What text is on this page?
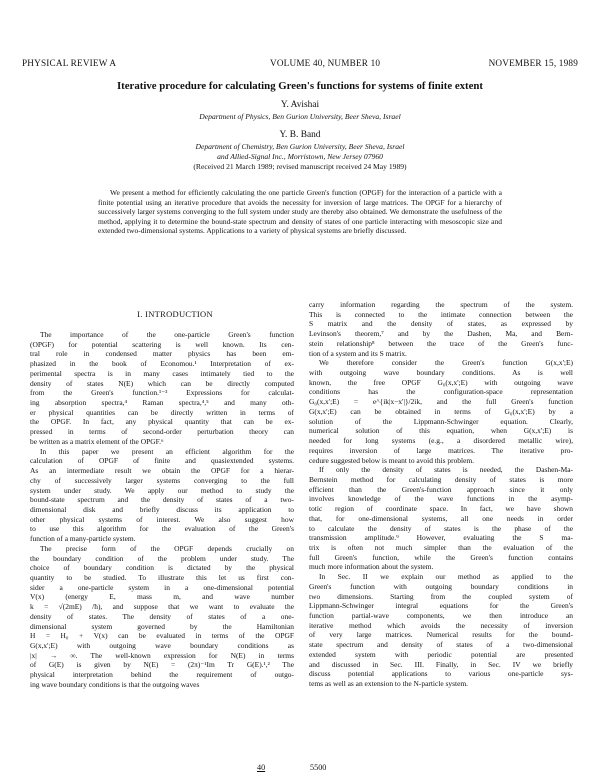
PHYSICAL REVIEW A	VOLUME 40, NUMBER 10	NOVEMBER 15, 1989
Iterative procedure for calculating Green's functions for systems of finite extent
Y. Avishai
Department of Physics, Ben Gurion University, Beer Sheva, Israel
Y. B. Band
Department of Chemistry, Ben Gurion University, Beer Sheva, Israel
and Allied-Signal Inc., Morristown, New Jersey 07960
(Received 21 March 1989; revised manuscript received 24 May 1989)
We present a method for efficiently calculating the one particle Green's function (OPGF) for the interaction of a particle with a finite potential using an iterative procedure that avoids the necessity for inversion of large matrices. The OPGF for a hierarchy of successively larger systems converging to the full system under study are thereby also obtained. We demonstrate the usefulness of the method, applying it to determine the bound-state spectrum and density of states of one particle interacting with mesoscopic size and extended two-dimensional systems. Applications to a variety of physical systems are briefly discussed.
I. INTRODUCTION
The importance of the one-particle Green's function
(OPGF) for potential scattering is well known. Its cen-
tral role in condensed matter physics has been em-
phasized in the book of Economou.¹ Interpretation of ex-
perimental spectra is in many cases intimately tied to the
density of states N(E) which can be directly computed
from the Green's function.¹⁻³ Expressions for calculat-
ing absorption spectra,⁴ Raman spectra,⁴,⁵ and many oth-
er physical quantities can be directly written in terms of
the OPGF. In fact, any physical quantity that can be ex-
pressed in terms of second-order perturbation theory can
be written as a matrix element of the OPGF.⁶
In this paper we present an efficient algorithm for the
calculation of OPGF of finite and quasiextended systems.
As an intermediate result we obtain the OPGF for a hierar-
chy of successively larger systems converging to the full
system under study. We apply our method to study the
bound-state spectrum and the density of states of a two-
dimensional disk and briefly discuss its application to
other physical systems of interest. We also suggest how
to use this algorithm for the evaluation of the Green's
function of a many-particle system.
The precise form of the OPGF depends crucially on
the boundary condition of the problem under study. The
choice of boundary condition is dictated by the physical
quantity to be studied. To illustrate this let us first con-
sider a one-particle system in a one-dimensional potential
V(x) (energy E, mass m, and wave number
k = √(2mE) /ħ), and suppose that we want to evaluate the
density of states. The density of states of a one-
dimensional system governed by the Hamiltonian
H = H₀ + V(x) can be evaluated in terms of the OPGF
G(x,x';E) with outgoing wave boundary conditions as
|x| → ∞. The well-known expression for N(E) in terms
of G(E) is given by N(E) = (2π)⁻¹Im Tr G(E).¹,² The
physical interpretation behind the requirement of outgo-
ing wave boundary conditions is that the outgoing waves
carry information regarding the spectrum of the system.
This is connected to the intimate connection between the
S matrix and the density of states, as expressed by
Levinson's theorem,⁷ and by the Dashen, Ma, and Bern-
stein relationship⁸ between the trace of the Green's func-
tion of a system and its S matrix.
We therefore consider the Green's function G(x,x';E)
with outgoing wave boundary conditions. As is well
known, the free OPGF G₀(x,x';E) with outgoing wave
conditions has the configuration-space representation
G₀(x,x';E) = e^{ik|x−x'|}/2ik, and the full Green's function
G(x,x';E) can be obtained in terms of G₀(x,x';E) by a
solution of the Lippmann-Schwinger equation. Clearly,
numerical solution of this equation, when G(x,x';E) is
needed for long systems (e.g., a disordered metallic wire),
requires inversion of large matrices. The iterative pro-
cedure suggested below is meant to avoid this problem.
If only the density of states is needed, the Dashen-Ma-
Bernstein method for calculating density of states is more
efficient than the Green's-function approach since it only
involves knowledge of the wave functions in the asymp-
totic region of coordinate space. In fact, we have shown
that, for one-dimensional systems, all one needs in order
to calculate the density of states is the phase of the
transmission amplitude.⁹ However, evaluating the S ma-
trix is often not much simpler than the evaluation of the
full Green's function, while the Green's function contains
much more information about the system.
In Sec. II we explain our method as applied to the
Green's function with outgoing boundary conditions in
two dimensions. Starting from the coupled system of
Lippmann-Schwinger integral equations for the Green's
function partial-wave components, we then introduce an
iterative method which avoids the necessity of inversion
of very large matrices. Numerical results for the bound-
state spectrum and density of states of a two-dimensional
extended system with periodic potential are presented
and discussed in Sec. III. Finally, in Sec. IV we briefly
discuss potential applications to various one-particle sys-
tems as well as an extension to the N-particle system.
40	5500
